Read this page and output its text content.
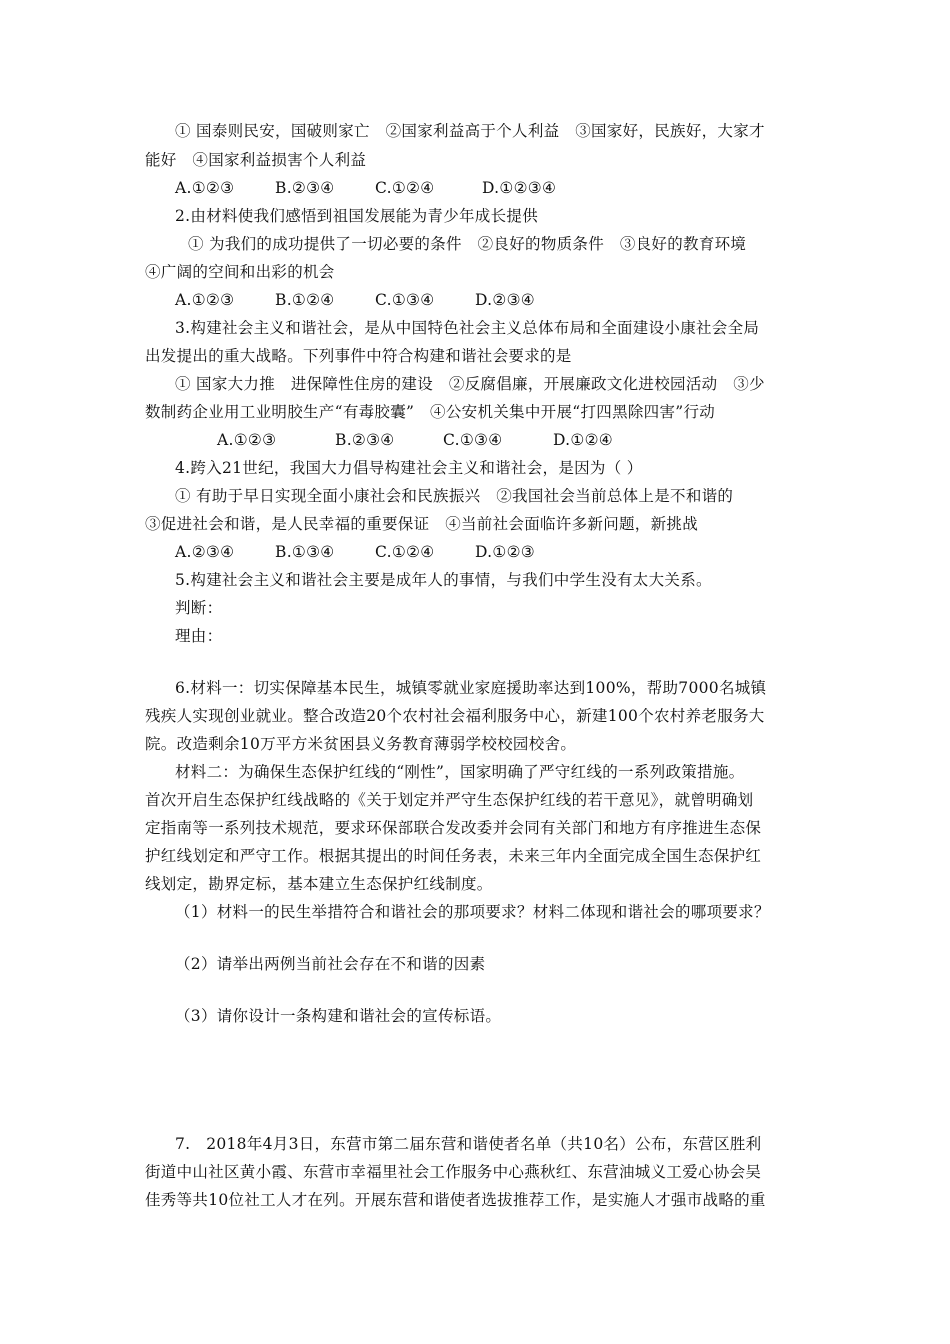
① 国泰则民安，国破则家亡　②国家利益高于个人利益　③国家好，民族好，大家才
能好　④国家利益损害个人利益
A.①②③	B.②③④	C.①②④	D.①②③④
2.由材料使我们感悟到祖国发展能为青少年成长提供
① 为我们的成功提供了一切必要的条件　②良好的物质条件　③良好的教育环境
④广阔的空间和出彩的机会
A.①②③	B.①②④	C.①③④	D.②③④
3.构建社会主义和谐社会，是从中国特色社会主义总体布局和全面建设小康社会全局
出发提出的重大战略。下列事件中符合构建和谐社会要求的是
① 国家大力推　进保障性住房的建设　②反腐倡廉，开展廉政文化进校园活动　③少
数制药企业用工业明胶生产“有毒胶囊”　④公安机关集中开展“打四黑除四害”行动
A.①②③	B.②③④	C.①③④	D.①②④
4.跨入21世纪，我国大力倡导构建社会主义和谐社会，是因为（ ）
① 有助于早日实现全面小康社会和民族振兴　②我国社会当前总体上是不和谐的
③促进社会和谐，是人民幸福的重要保证　④当前社会面临许多新问题，新挑战
A.②③④	B.①③④	C.①②④	D.①②③
5.构建社会主义和谐社会主要是成年人的事情，与我们中学生没有太大关系。
判断：
理由：
6.材料一：切实保障基本民生，城镇零就业家庭援助率达到100%，帮助7000名城镇
残疾人实现创业就业。整合改造20个农村社会福利服务中心，新建100个农村养老服务大
院。改造剩余10万平方米贫困县义务教育薄弱学校校园校舍。
材料二：为确保生态保护红线的“刚性”，国家明确了严守红线的一系列政策措施。
首次开启生态保护红线战略的《关于划定并严守生态保护红线的若干意见》，就曾明确划
定指南等一系列技术规范，要求环保部联合发改委并会同有关部门和地方有序推进生态保
护红线划定和严守工作。根据其提出的时间任务表，未来三年内全面完成全国生态保护红
线划定，勘界定标，基本建立生态保护红线制度。
（1）材料一的民生举措符合和谐社会的那项要求？材料二体现和谐社会的哪项要求？
（2）请举出两例当前社会存在不和谐的因素
（3）请你设计一条构建和谐社会的宣传标语。
7.　2018年4月3日，东营市第二届东营和谐使者名单（共10名）公布，东营区胜利
街道中山社区黄小霞、东营市幸福里社会工作服务中心燕秋红、东营油城义工爱心协会吴
佳秀等共10位社工人才在列。开展东营和谐使者选拔推荐工作，是实施人才强市战略的重
